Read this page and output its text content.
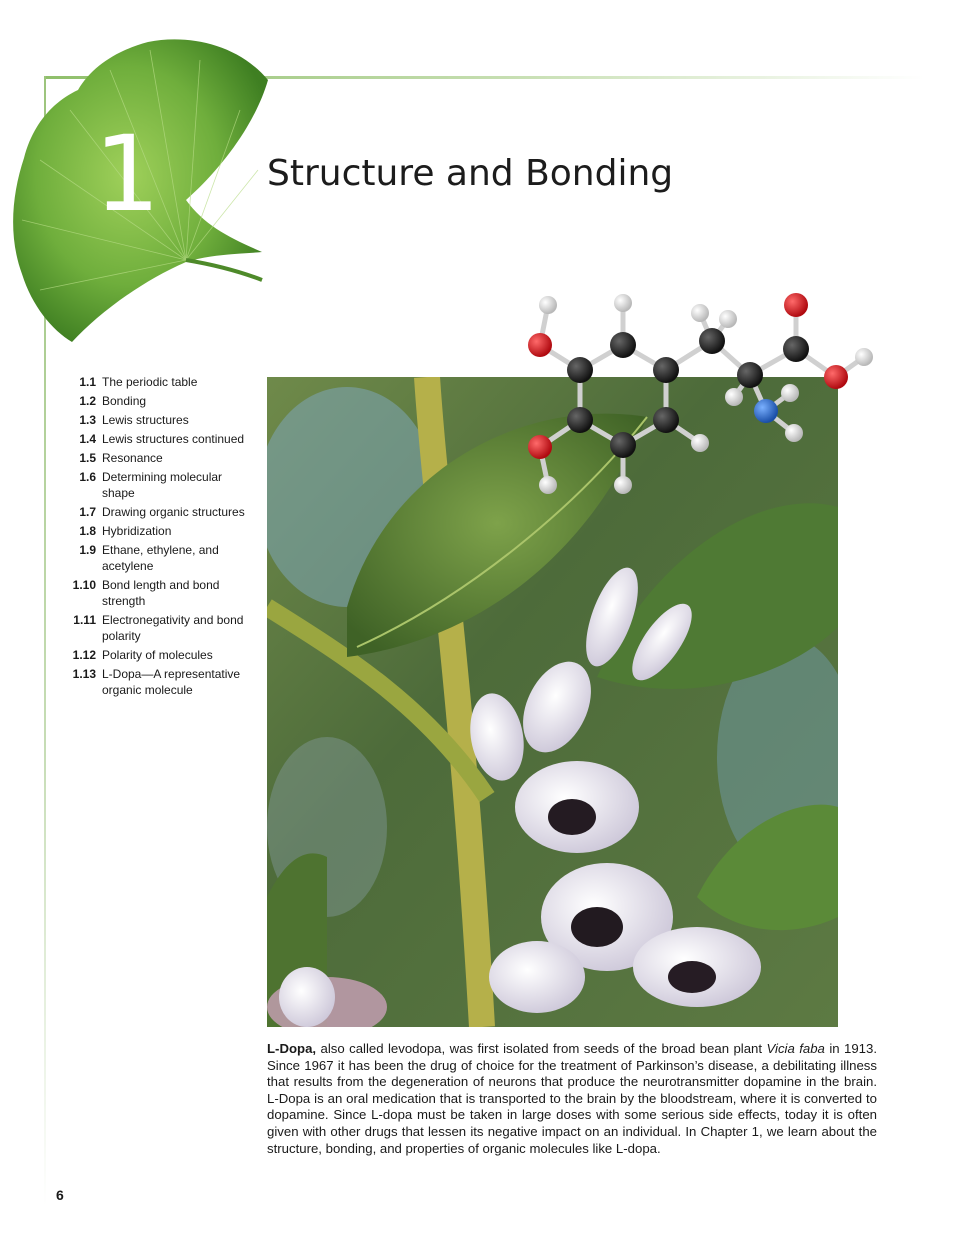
1	Structure and Bonding
1.1 The periodic table
1.2 Bonding
1.3 Lewis structures
1.4 Lewis structures continued
1.5 Resonance
1.6 Determining molecular shape
1.7 Drawing organic structures
1.8 Hybridization
1.9 Ethane, ethylene, and acetylene
1.10 Bond length and bond strength
1.11 Electronegativity and bond polarity
1.12 Polarity of molecules
1.13 L-Dopa—A representative organic molecule

L-Dopa, also called levodopa, was first isolated from seeds of the broad bean plant Vicia faba in 1913. Since 1967 it has been the drug of choice for the treatment of Parkinson’s disease, a debilitating illness that results from the degeneration of neurons that produce the neurotransmitter dopamine in the brain. L-Dopa is an oral medication that is transported to the brain by the bloodstream, where it is converted to dopamine. Since L-dopa must be taken in large doses with some serious side effects, today it is often given with other drugs that lessen its negative impact on an individual. In Chapter 1, we learn about the structure, bonding, and properties of organic molecules like L-dopa.

6
